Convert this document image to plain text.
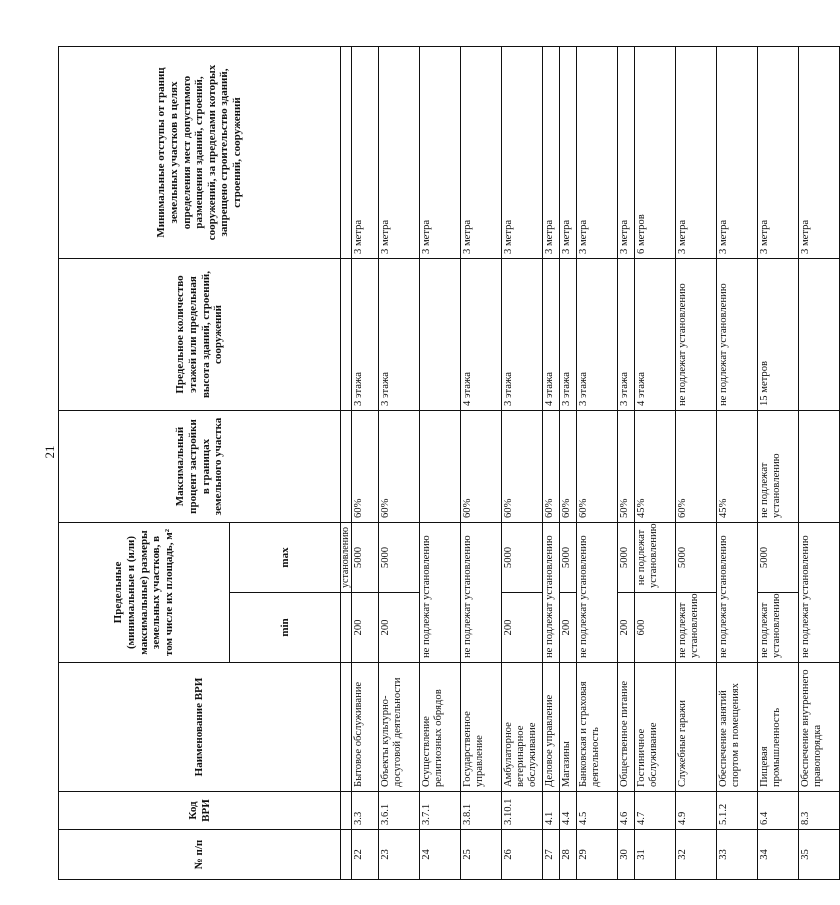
21
№ п/п	Код ВРИ	Наименование ВРИ	Предельные (минимальные и (или) максимальные) размеры земельных участков, в том числе их площадь, м²		Максимальный процент застройки в границах земельного участка	Предельное количество этажей или предельная высота зданий, строений, сооружений	Минимальные отступы от границ земельных участков в целях определения мест допустимого размещения зданий, строений, сооружений, за пределами которых запрещено строительство зданий, строений, сооружений
			min	max			
				установлению			
22	3.3	Бытовое обслуживание	200	5000	60%	3 этажа	3 метра
23	3.6.1	Объекты культурно-досуговой деятельности	200	5000	60%	3 этажа	3 метра
24	3.7.1	Осуществление религиозных обрядов	не подлежат установлению				3 метра
25	3.8.1	Государственное управление	не подлежат установлению		60%	4 этажа	3 метра
26	3.10.1	Амбулаторное ветеринарное обслуживание	200	5000	60%	3 этажа	3 метра
27	4.1	Деловое управление	не подлежат установлению		60%	4 этажа	3 метра
28	4.4	Магазины	200	5000	60%	3 этажа	3 метра
29	4.5	Банковская и страховая деятельность	не подлежат установлению		60%	3 этажа	3 метра
30	4.6	Общественное питание	200	5000	50%	3 этажа	3 метра
31	4.7	Гостиничное обслуживание	600	не подлежат установлению	45%	4 этажа	6 метров
32	4.9	Служебные гаражи	не подлежат установлению	5000	60%	не подлежат установлению	3 метра
33	5.1.2	Обеспечение занятий спортом в помещениях	не подлежат установлению		45%	не подлежат установлению	3 метра
34	6.4	Пищевая промышленность	не подлежат установлению	5000	не подлежат установлению	15 метров	3 метра
35	8.3	Обеспечение внутреннего правопорядка	не подлежат установлению				3 метра
